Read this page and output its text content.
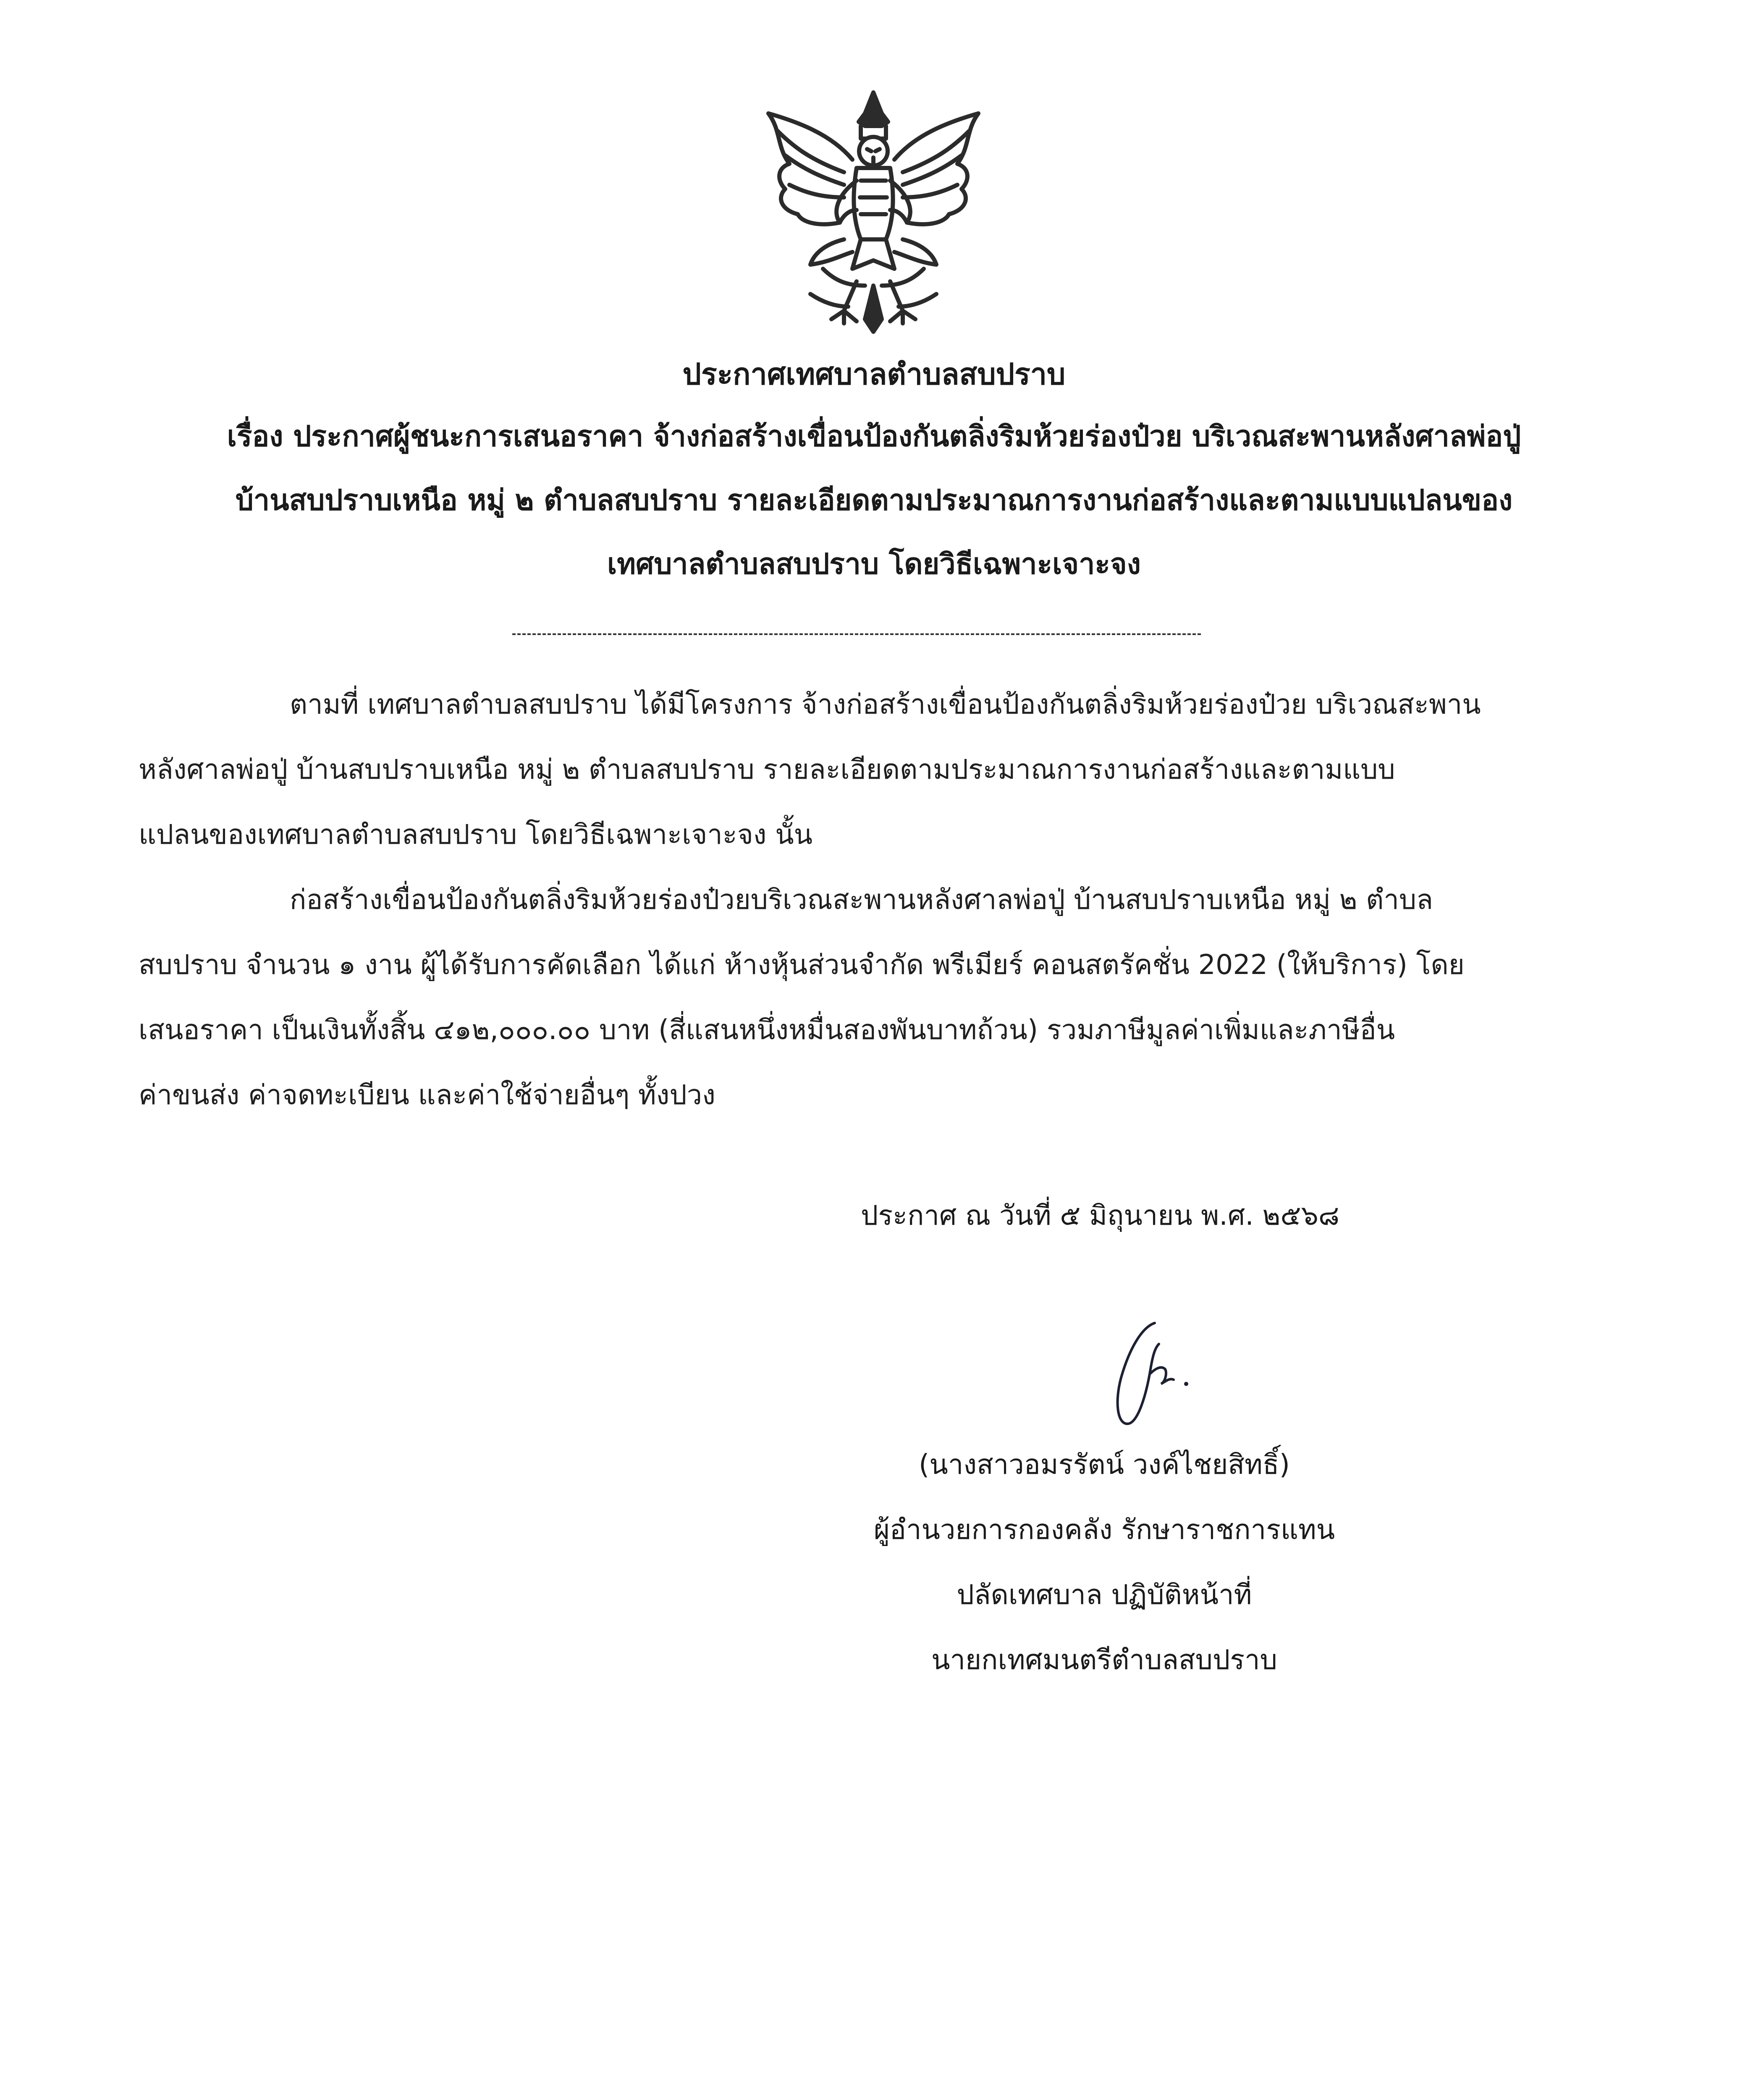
ประกาศเทศบาลตำบลสบปราบ
เรื่อง ประกาศผู้ชนะการเสนอราคา จ้างก่อสร้างเขื่อนป้องกันตลิ่งริมห้วยร่องป๋วย บริเวณสะพานหลังศาลพ่อปู่
บ้านสบปราบเหนือ หมู่ ๒ ตำบลสบปราบ รายละเอียดตามประมาณการงานก่อสร้างและตามแบบแปลนของ
เทศบาลตำบลสบปราบ โดยวิธีเฉพาะเจาะจง
ตามที่ เทศบาลตำบลสบปราบ ได้มีโครงการ จ้างก่อสร้างเขื่อนป้องกันตลิ่งริมห้วยร่องป๋วย บริเวณสะพาน
หลังศาลพ่อปู่ บ้านสบปราบเหนือ หมู่ ๒ ตำบลสบปราบ รายละเอียดตามประมาณการงานก่อสร้างและตามแบบ
แปลนของเทศบาลตำบลสบปราบ โดยวิธีเฉพาะเจาะจง นั้น
ก่อสร้างเขื่อนป้องกันตลิ่งริมห้วยร่องป๋วยบริเวณสะพานหลังศาลพ่อปู่ บ้านสบปราบเหนือ หมู่ ๒ ตำบล
สบปราบ จำนวน ๑ งาน ผู้ได้รับการคัดเลือก ได้แก่ ห้างหุ้นส่วนจำกัด พรีเมียร์ คอนสตรัคชั่น 2022 (ให้บริการ) โดย
เสนอราคา เป็นเงินทั้งสิ้น ๔๑๒,๐๐๐.๐๐ บาท (สี่แสนหนึ่งหมื่นสองพันบาทถ้วน) รวมภาษีมูลค่าเพิ่มและภาษีอื่น
ค่าขนส่ง ค่าจดทะเบียน และค่าใช้จ่ายอื่นๆ ทั้งปวง
ประกาศ ณ วันที่ ๕ มิถุนายน พ.ศ. ๒๕๖๘
(นางสาวอมรรัตน์ วงค์ไชยสิทธิ์)
ผู้อำนวยการกองคลัง รักษาราชการแทน
ปลัดเทศบาล ปฏิบัติหน้าที่
นายกเทศมนตรีตำบลสบปราบ
